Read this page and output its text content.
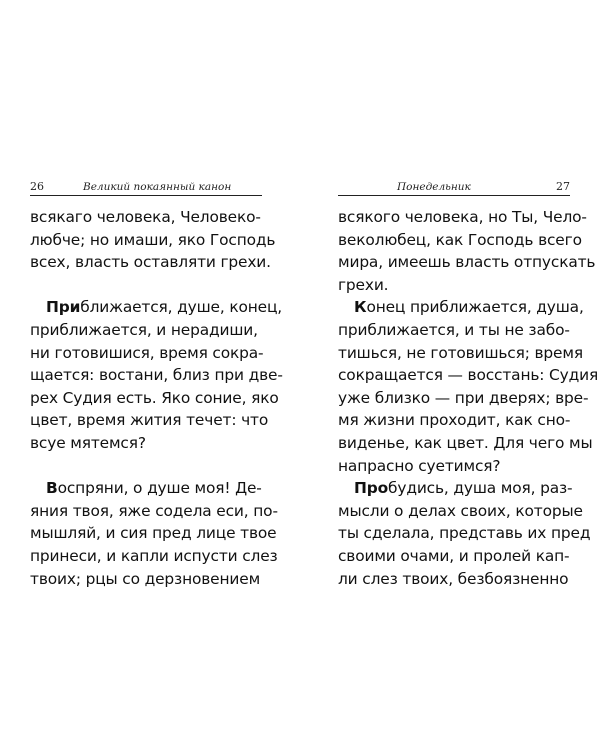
26	Великий покаянный канон
всякаго человека, Человеко-
любче; но имаши, яко Господь
всех, власть оставляти грехи.
Приближается, душе, конец,
приближается, и нерадиши,
ни готовишися, время сокра-
щается: востани, близ при две-
рех Судия есть. Яко соние, яко
цвет, время жития течет: что
всуе мятемся?
Воспряни, о душе моя! Де-
яния твоя, яже содела еси, по-
мышляй, и сия пред лице твое
принеси, и капли испусти слез
твоих; рцы со дерзновением
Понедельник	27
всякого человека, но Ты, Чело-
веколюбец, как Господь всего
мира, имеешь власть отпускать
грехи.
Конец приближается, душа,
приближается, и ты не забо-
тишься, не готовишься; время
сокращается — восстань: Судия
уже близко — при дверях; вре-
мя жизни проходит, как сно-
виденье, как цвет. Для чего мы
напрасно суетимся?
Пробудись, душа моя, раз-
мысли о делах своих, которые
ты сделала, представь их пред
своими очами, и пролей кап-
ли слез твоих, безбоязненно
